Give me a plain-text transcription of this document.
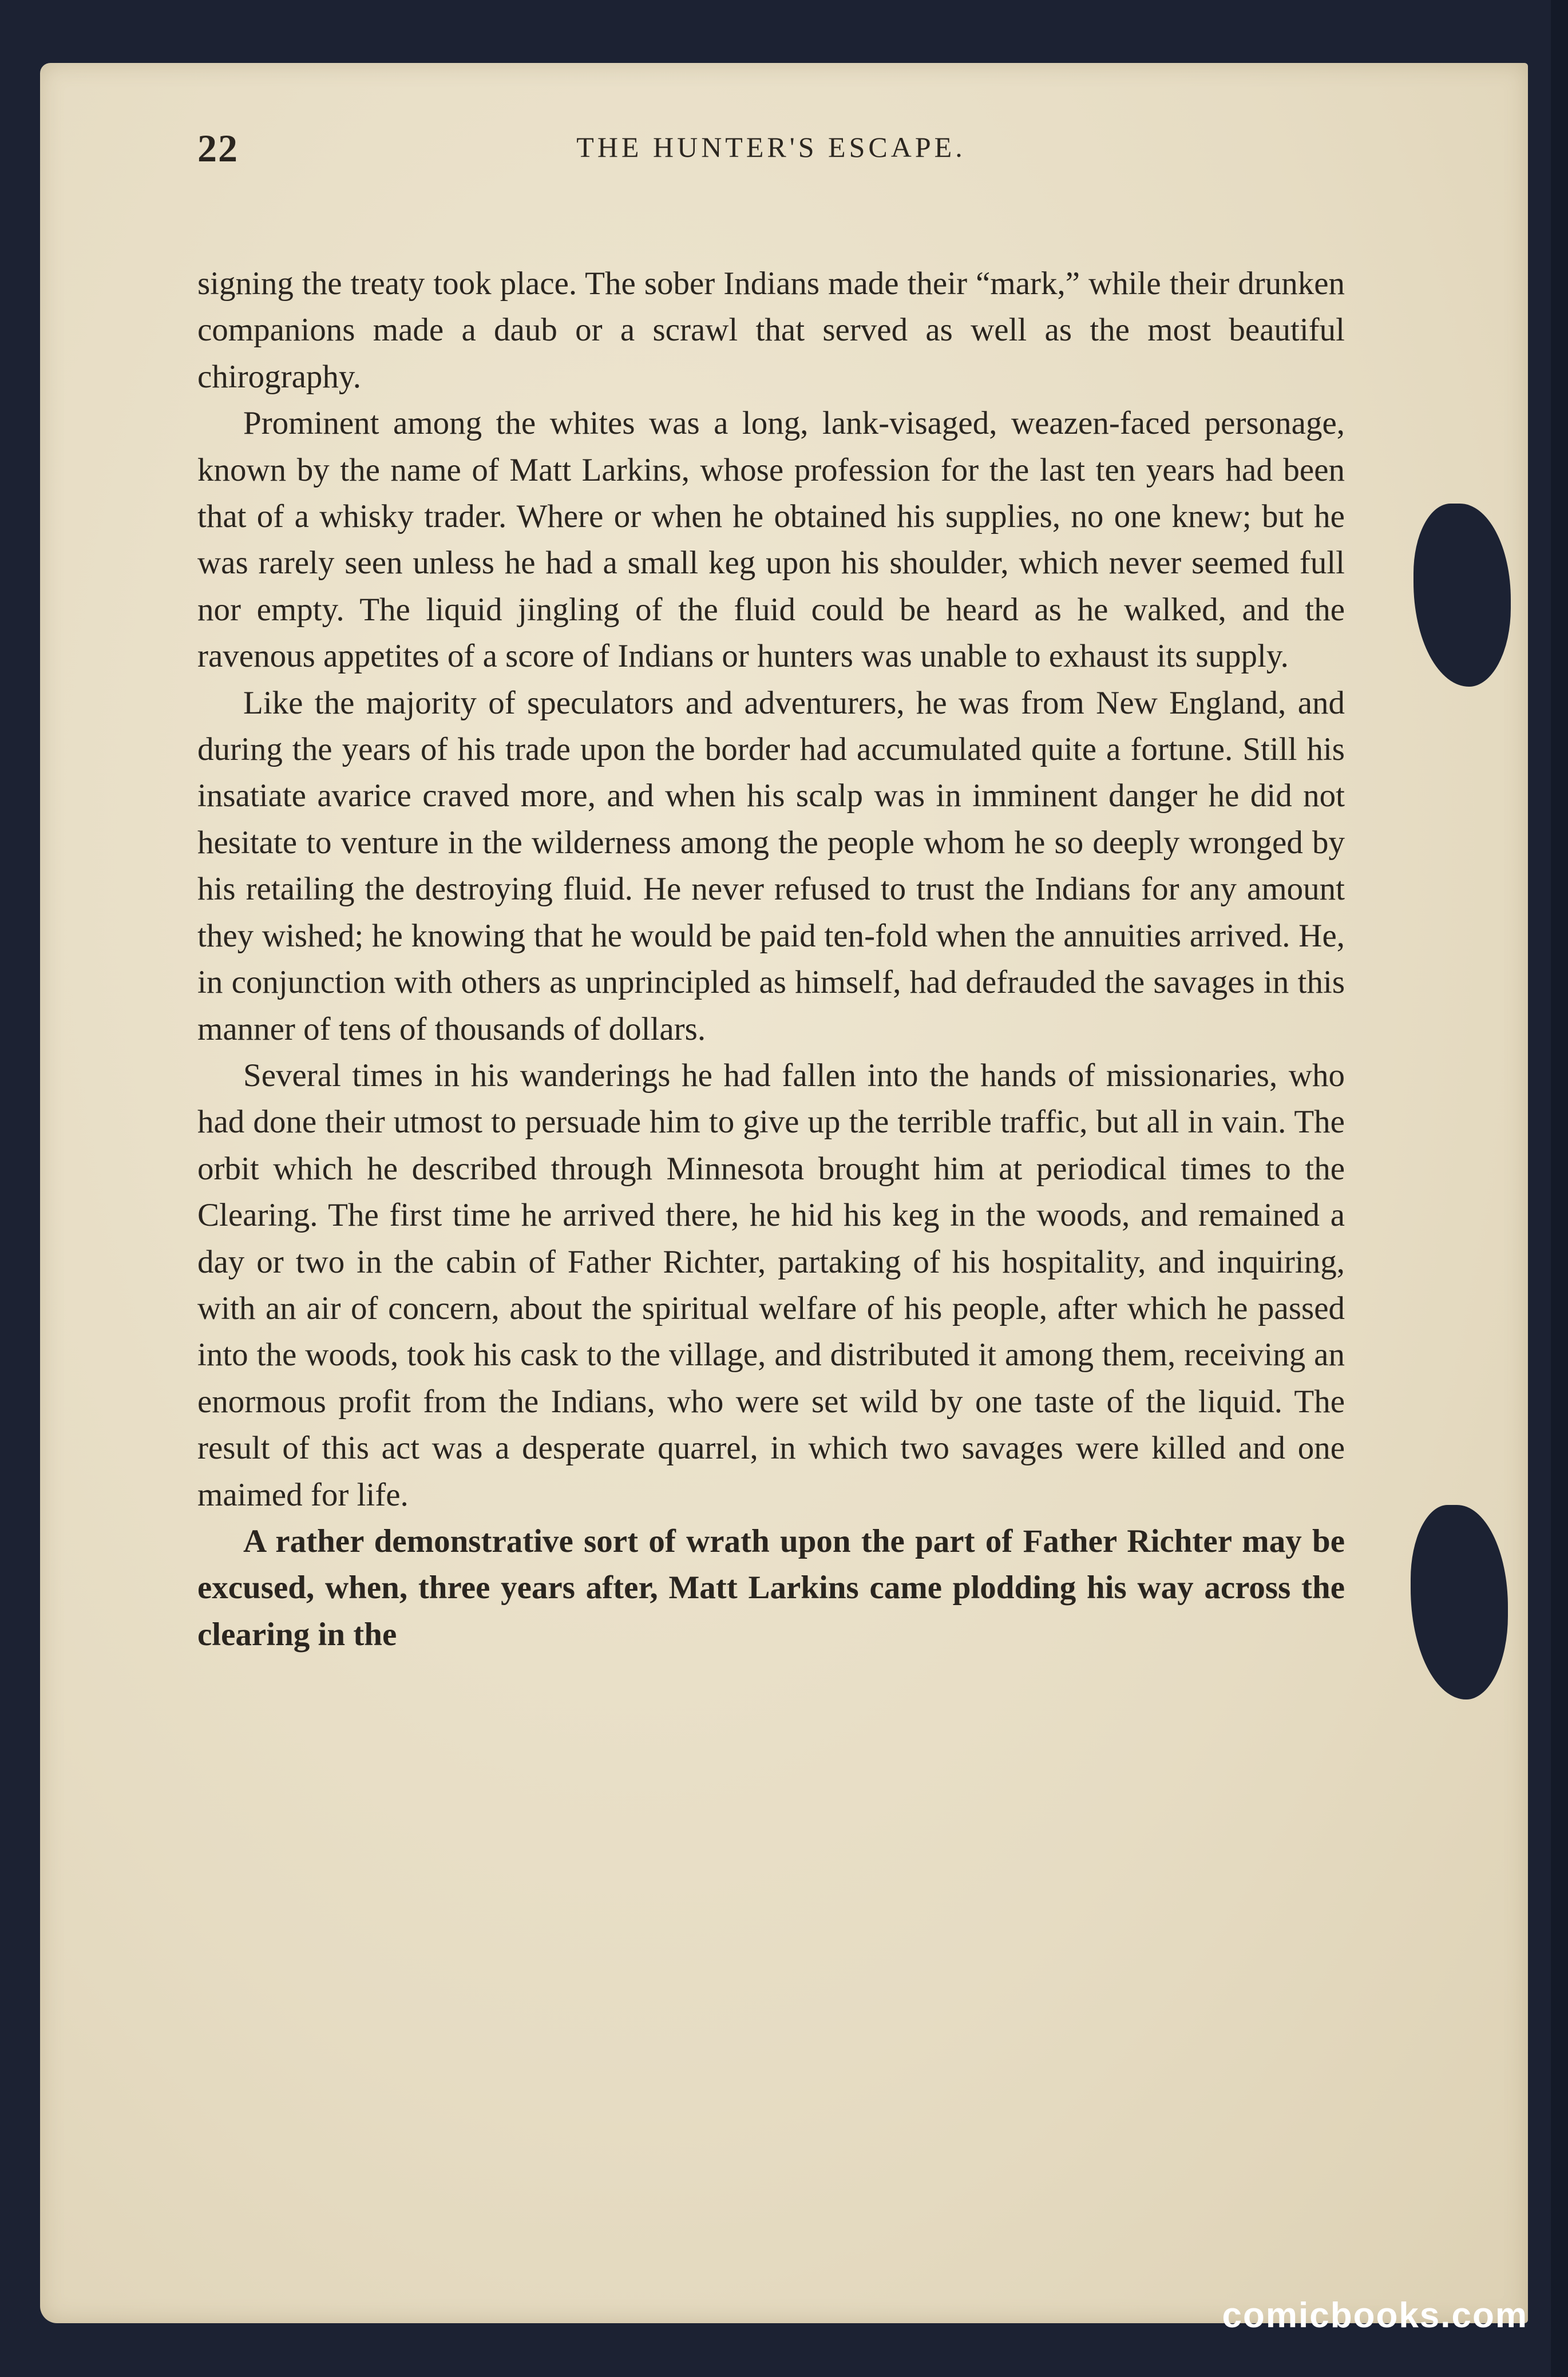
22	THE HUNTER'S ESCAPE.

signing the treaty took place. The sober Indians made their “mark,” while their drunken companions made a daub or a scrawl that served as well as the most beautiful chirography.

Prominent among the whites was a long, lank-visaged, weazen-faced personage, known by the name of Matt Larkins, whose profession for the last ten years had been that of a whisky trader. Where or when he obtained his supplies, no one knew; but he was rarely seen unless he had a small keg upon his shoulder, which never seemed full nor empty. The liquid jingling of the fluid could be heard as he walked, and the ravenous appetites of a score of Indians or hunters was unable to exhaust its supply.

Like the majority of speculators and adventurers, he was from New England, and during the years of his trade upon the border had accumulated quite a fortune. Still his insatiate avarice craved more, and when his scalp was in imminent danger he did not hesitate to venture in the wilderness among the people whom he so deeply wronged by his retailing the destroying fluid. He never refused to trust the Indians for any amount they wished; he knowing that he would be paid ten-fold when the annuities arrived. He, in conjunction with others as unprincipled as himself, had defrauded the savages in this manner of tens of thousands of dollars.

Several times in his wanderings he had fallen into the hands of missionaries, who had done their utmost to persuade him to give up the terrible traffic, but all in vain. The orbit which he described through Minnesota brought him at periodical times to the Clearing. The first time he arrived there, he hid his keg in the woods, and remained a day or two in the cabin of Father Richter, partaking of his hospitality, and inquiring, with an air of concern, about the spiritual welfare of his people, after which he passed into the woods, took his cask to the village, and distributed it among them, receiving an enormous profit from the Indians, who were set wild by one taste of the liquid. The result of this act was a desperate quarrel, in which two savages were killed and one maimed for life.

A rather demonstrative sort of wrath upon the part of Father Richter may be excused, when, three years after, Matt Larkins came plodding his way across the clearing in the

comicbooks.com
